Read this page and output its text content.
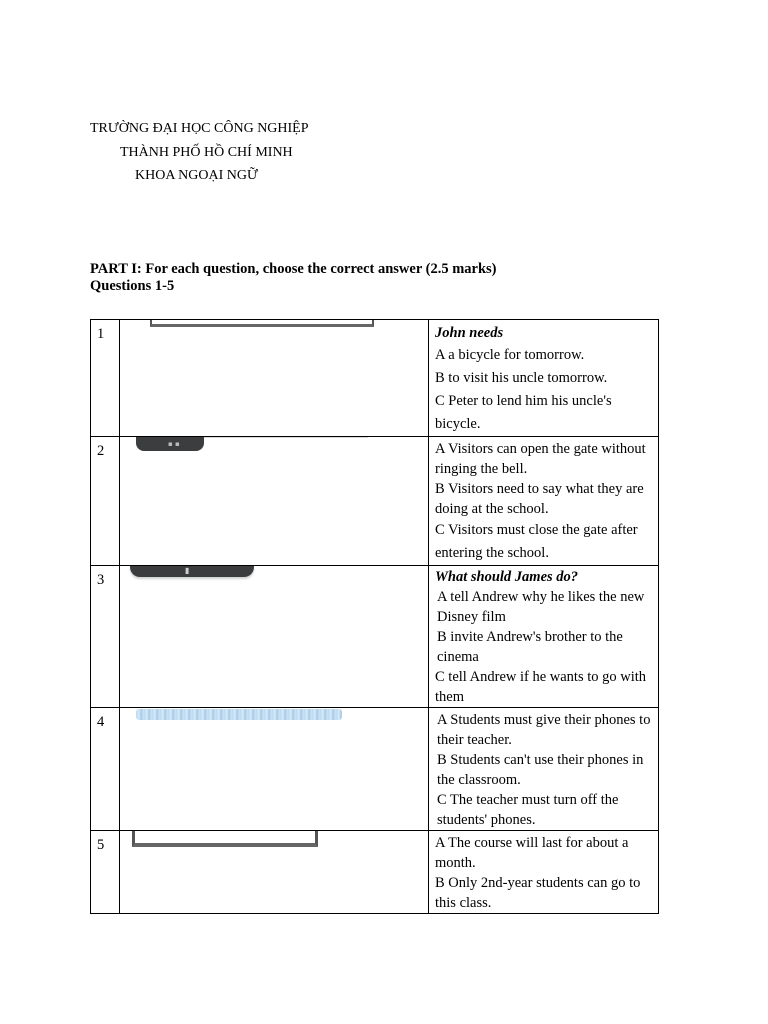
TRƯỜNG ĐẠI HỌC CÔNG NGHIỆP
THÀNH PHỐ HỒ CHÍ MINH
KHOA NGOẠI NGỮ
PART I: For each question, choose the correct answer (2.5 marks)
Questions 1-5
1		John needs
A a bicycle for tomorrow.
B to visit his uncle tomorrow.
C Peter to lend him his uncle's bicycle.

2	▪ ▪	A Visitors can open the gate without ringing the bell.
B Visitors need to say what they are doing at the school.
C Visitors must close the gate after entering the school.

3	▮	What should James do?
A tell Andrew why he likes the new Disney film
B invite Andrew's brother to the cinema
C tell Andrew if he wants to go with them

4		A Students must give their phones to their teacher.
B Students can't use their phones in the classroom.
C The teacher must turn off the students' phones.

5		A The course will last for about a month.
B Only 2nd-year students can go to this class.
